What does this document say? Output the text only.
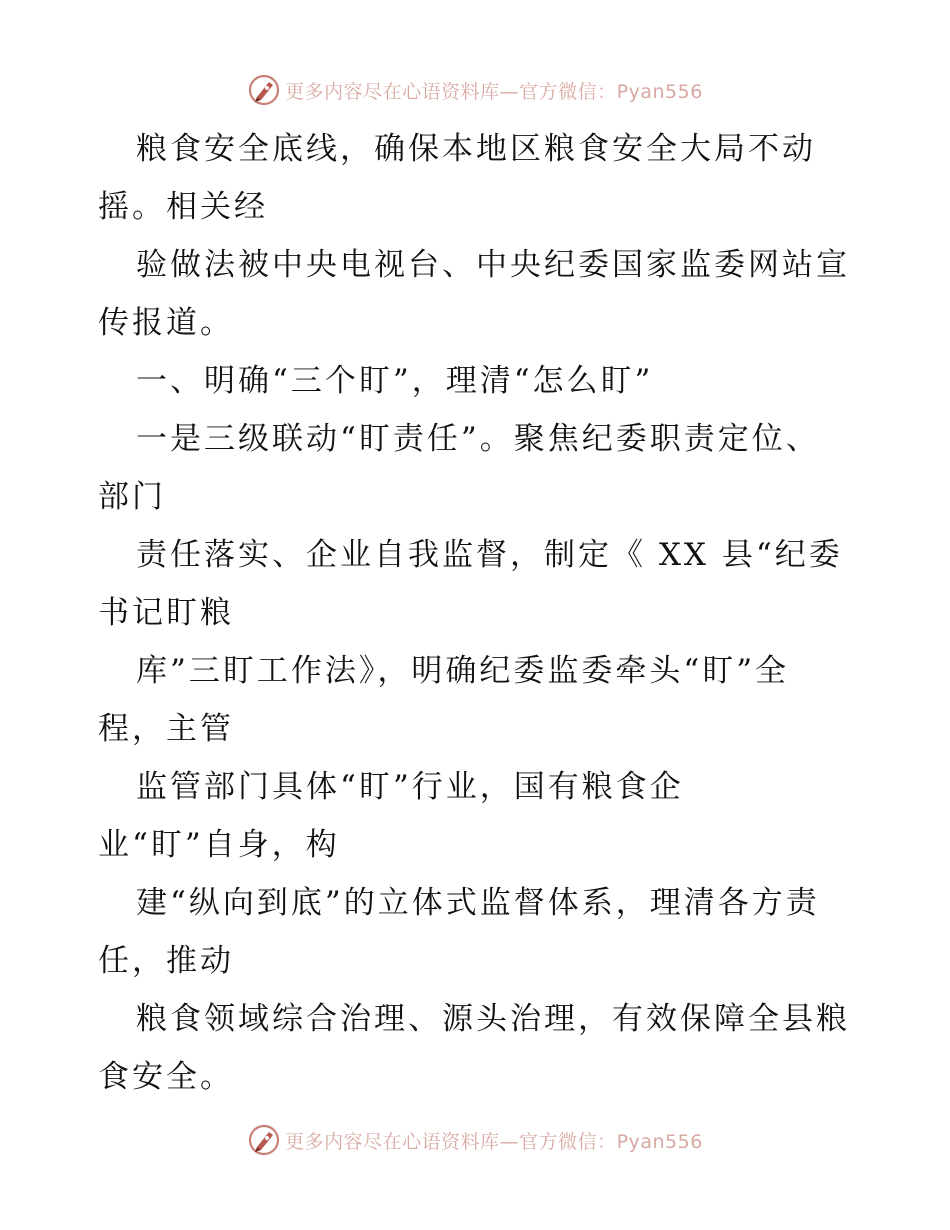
更多内容尽在心语资料库—官方微信：Pyan556
粮食安全底线，确保本地区粮食安全大局不动
摇。相关经
验做法被中央电视台、中央纪委国家监委网站宣
传报道。
一、明确“三个盯”，理清“怎么盯”
一是三级联动“盯责任”。聚焦纪委职责定位、
部门
责任落实、企业自我监督，制定《 XX 县“纪委
书记盯粮
库”三盯工作法》，明确纪委监委牵头“盯”全
程，主管
监管部门具体“盯”行业，国有粮食企
业“盯”自身，构
建“纵向到底”的立体式监督体系，理清各方责
任，推动
粮食领域综合治理、源头治理，有效保障全县粮
食安全。
更多内容尽在心语资料库—官方微信：Pyan556
